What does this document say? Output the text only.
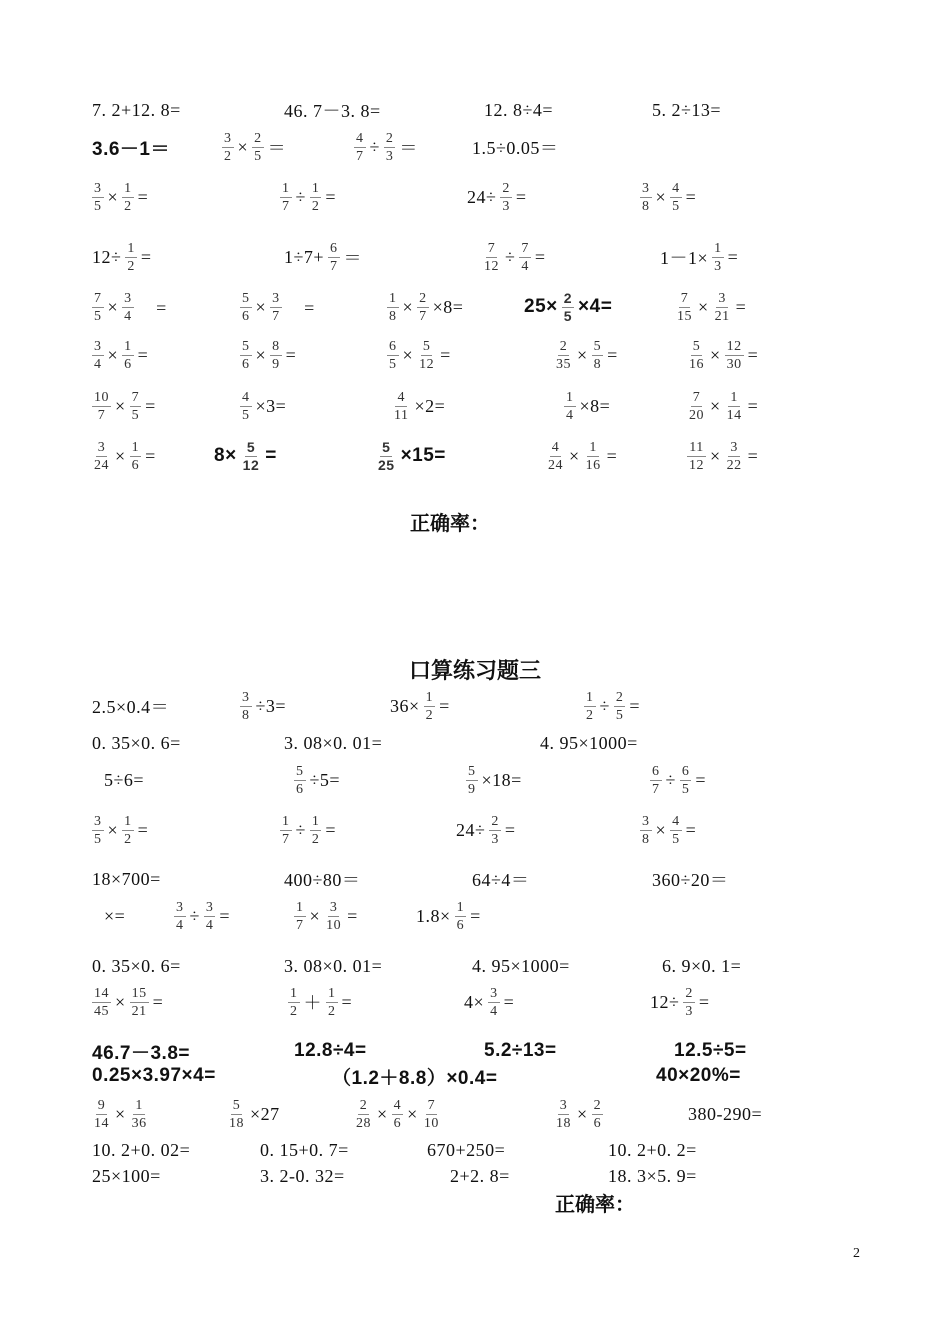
7. 2+12. 8=	46. 7－3. 8=	12. 8÷4=	5. 2÷13=
3.6－1＝	$\frac{3}{2} \times \frac{2}{5}$ ＝	$\frac{4}{7} \div \frac{2}{3}$ ＝	1.5÷0.05＝
$\frac{3}{5} \times \frac{1}{2}$ =	$\frac{1}{7} \div \frac{1}{2}$ =	$24\div \frac{2}{3}$ =	$\frac{3}{8} \times \frac{4}{5}$ =
$12\div \frac{1}{2}$ =	$1\div 7+ \frac{6}{7}$ ＝	$\frac{7}{12} \div \frac{7}{4}$ =	$1-1\times \frac{1}{3}$ =
$\frac{7}{5} \times \frac{3}{4}$ 　=	$\frac{5}{6} \times \frac{3}{7}$ 　=	$\frac{1}{8} \times \frac{2}{7} \times 8=$	$25\times \frac{2}{5} \times 4=$	$\frac{7}{15} \times \frac{3}{21}$ =
$\frac{3}{4} \times \frac{1}{6}$ =	$\frac{5}{6} \times \frac{8}{9}$ =	$\frac{6}{5} \times \frac{5}{12}$ =	$\frac{2}{35} \times \frac{5}{8}$ =	$\frac{5}{16} \times \frac{12}{30}$ =
$\frac{10}{7} \times \frac{7}{5}$ =	$\frac{4}{5} \times 3=$	$\frac{4}{11} \times 2=$	$\frac{1}{4} \times 8=$	$\frac{7}{20} \times \frac{1}{14}$ =
$\frac{3}{24} \times \frac{1}{6}$ =	$8\times \frac{5}{12}$ =	$\frac{5}{25} \times 15=$	$\frac{4}{24} \times \frac{1}{16}$ =	$\frac{11}{12} \times \frac{3}{22}$ =
正确率：
口算练习题三
2.5×0.4＝	$\frac{3}{8} \div 3=$	$36\times \frac{1}{2}$ =	$\frac{1}{2} \div \frac{2}{5}$ =
0. 35×0. 6=	3. 08×0. 01=	4. 95×1000=
5÷6=	$\frac{5}{6} \div 5=$	$\frac{5}{9} \times 18=$	$\frac{6}{7} \div \frac{6}{5}$ =
$\frac{3}{5} \times \frac{1}{2}$ =	$\frac{1}{7} \div \frac{1}{2}$ =	$24\div \frac{2}{3}$ =	$\frac{3}{8} \times \frac{4}{5}$ =
18×700=	400÷80＝	64÷4＝	360÷20＝
×=	$\frac{3}{4} \div \frac{3}{4}$ =	$\frac{1}{7} \times \frac{3}{10}$ =	$1.8\times \frac{1}{6}$ =
0. 35×0. 6=	3. 08×0. 01=	4. 95×1000=	6. 9×0. 1=
$\frac{14}{45} \times \frac{15}{21}$ =	$\frac{1}{2} + \frac{1}{2}$ =	$4\times \frac{3}{4}$ =	$12\div \frac{2}{3}$ =
46.7－3.8=	12.8÷4=	5.2÷13=	12.5÷5=
0.25×3.97×4=	（1.2＋8.8）×0.4=	40×20%=
$\frac{9}{14} \times \frac{1}{36}$	$\frac{5}{18} \times 27$	$\frac{2}{28} \times \frac{4}{6} \times \frac{7}{10}$	$\frac{3}{18} \times \frac{2}{6}$	380-290=
10. 2+0. 02=	0. 15+0. 7=	670+250=	10. 2+0. 2=
25×100=	3. 2-0. 32=	2+2. 8=	18. 3×5. 9=
正确率：
2
